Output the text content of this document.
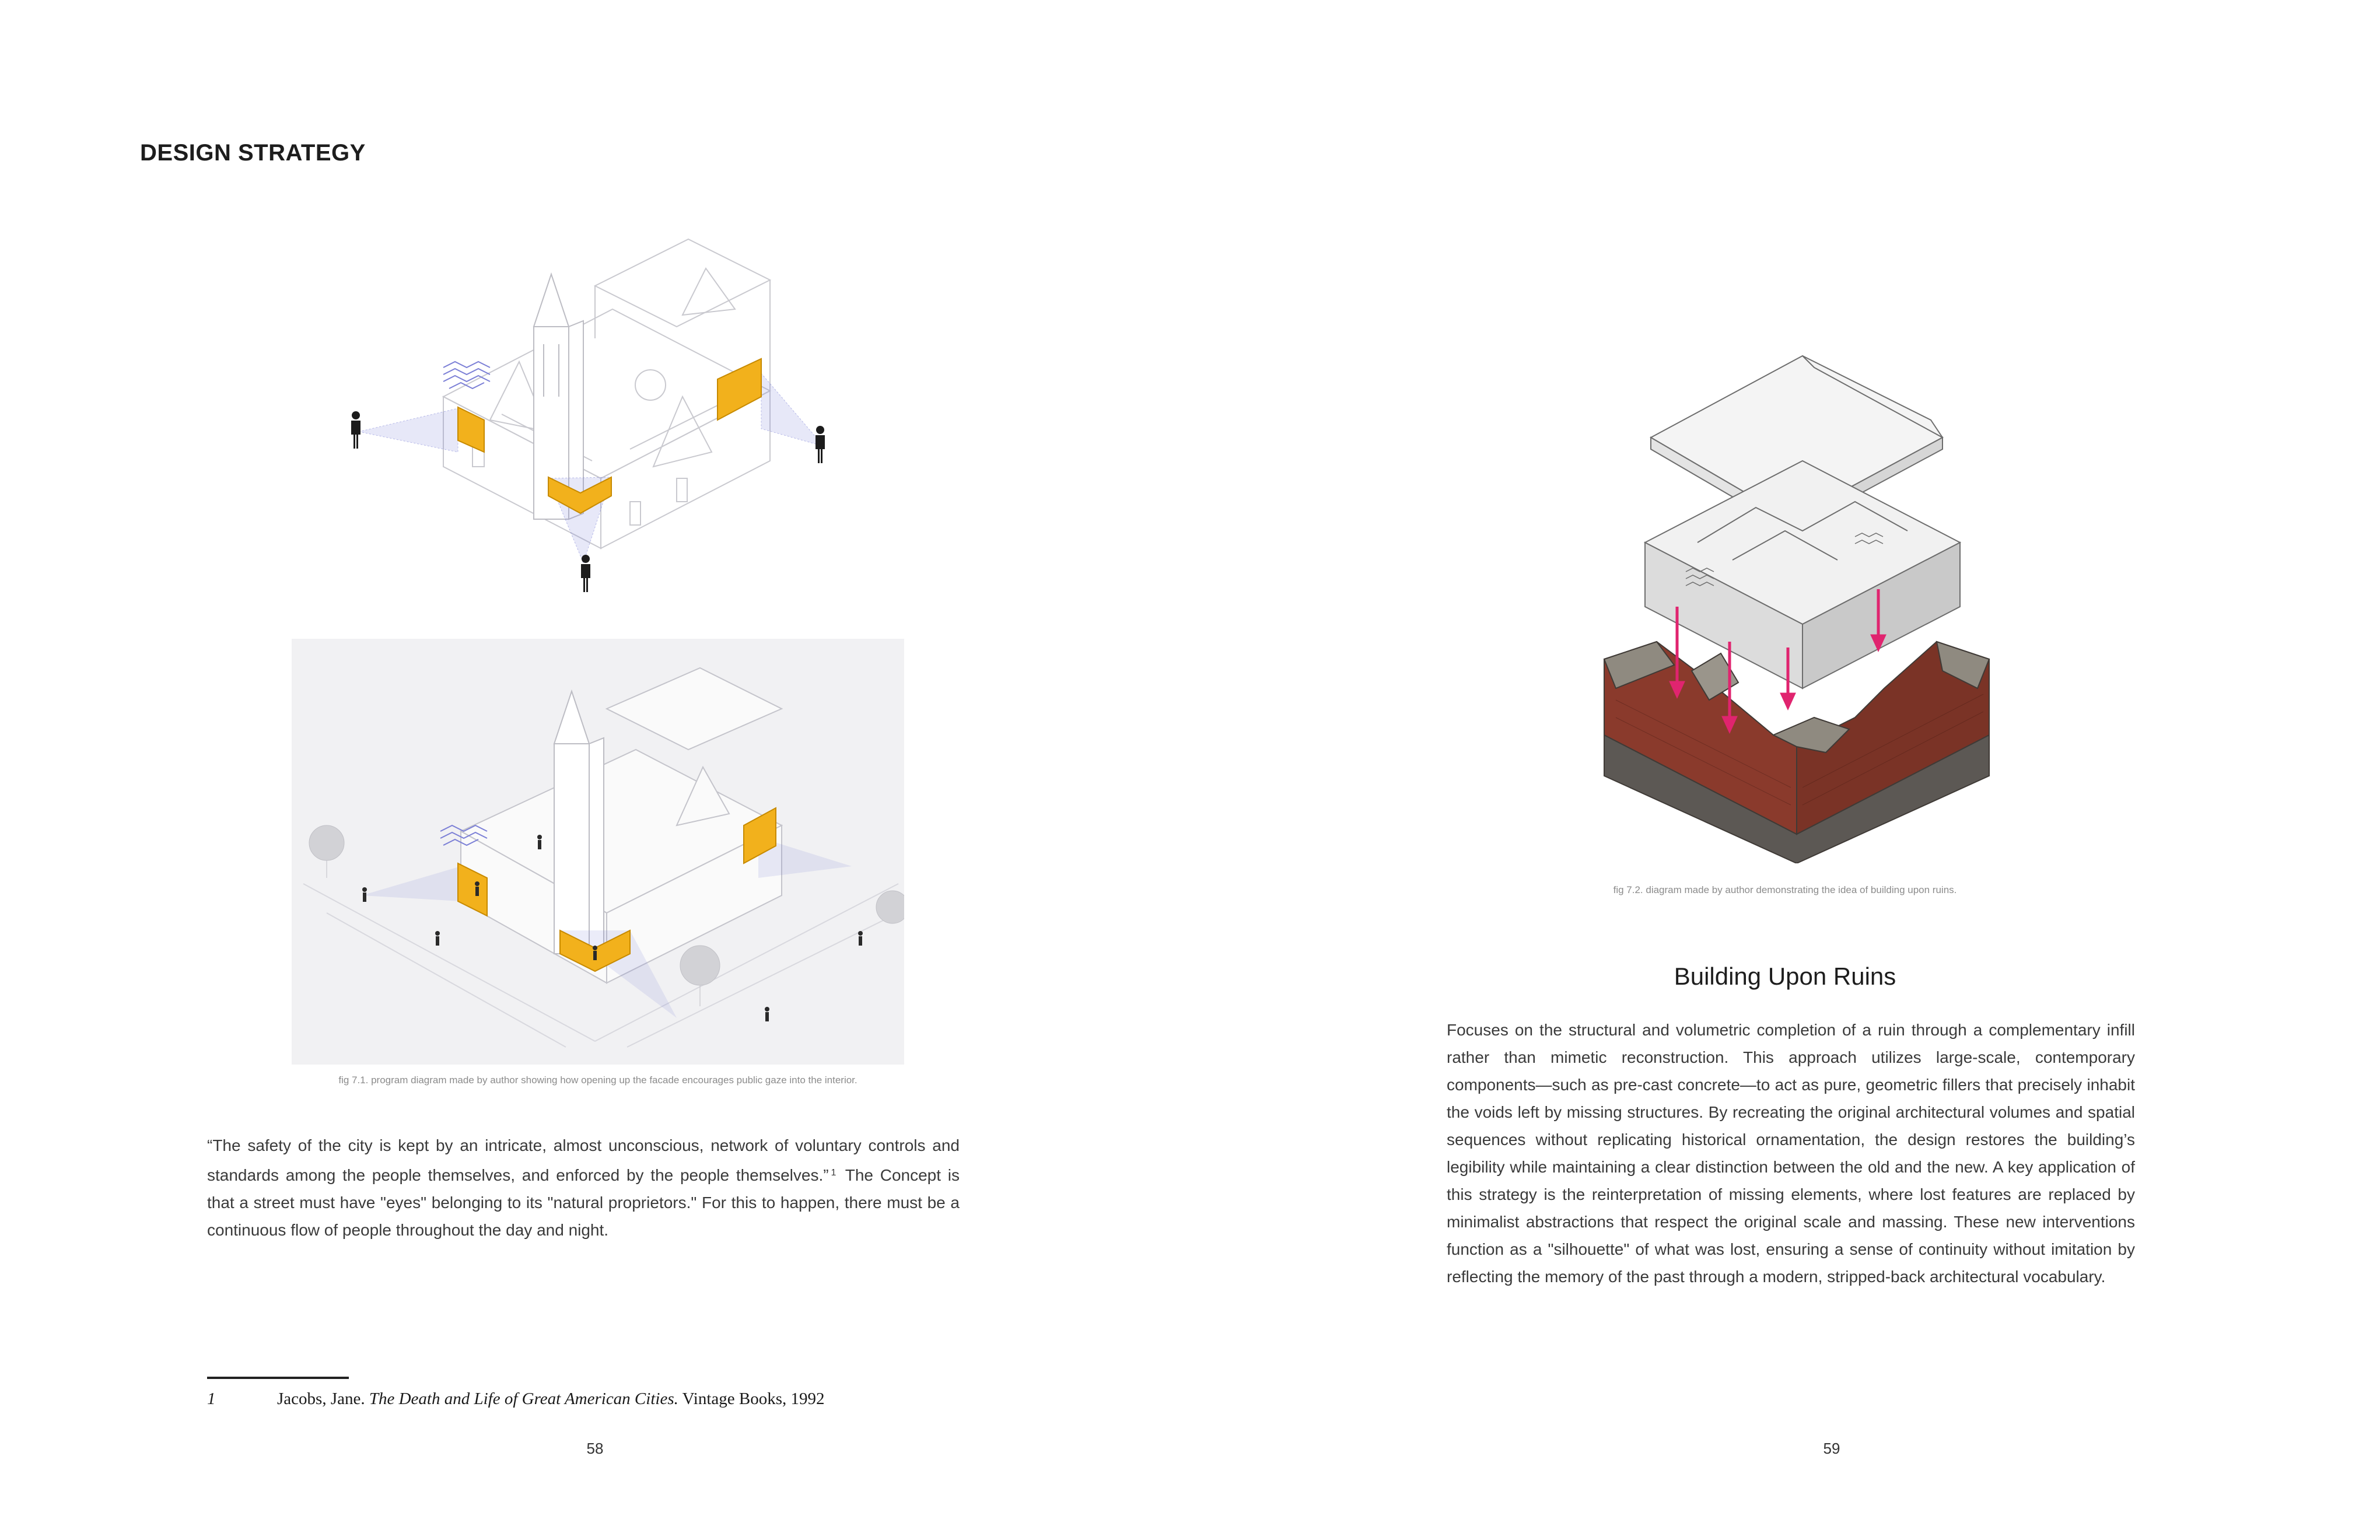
DESIGN STRATEGY
fig 7.1. program diagram made by author showing how opening up the facade encourages public gaze into the interior.

“The safety of the city is kept by an intricate, almost unconscious, network of voluntary controls and standards among the people themselves, and enforced by the people themselves.” $^1$ The Concept is that a street must have "eyes" belonging to its "natural proprietors." For this to happen, there must be a continuous flow of people throughout the day and night.

1	Jacobs, Jane. The Death and Life of Great American Cities. Vintage Books, 1992
58
fig 7.2. diagram made by author demonstrating the idea of building upon ruins.
Building Upon Ruins

Focuses on the structural and volumetric completion of a ruin through a complementary infill rather than mimetic reconstruction. This approach utilizes large-scale, contemporary components—such as pre-cast concrete—to act as pure, geometric fillers that precisely inhabit the voids left by missing structures. By recreating the original architectural volumes and spatial sequences without replicating historical ornamentation, the design restores the building’s legibility while maintaining a clear distinction between the old and the new. A key application of this strategy is the reinterpretation of missing elements, where lost features are replaced by minimalist abstractions that respect the original scale and massing. These new interventions function as a "silhouette" of what was lost, ensuring a sense of continuity without imitation by reflecting the memory of the past through a modern, stripped-back architectural vocabulary.

59
